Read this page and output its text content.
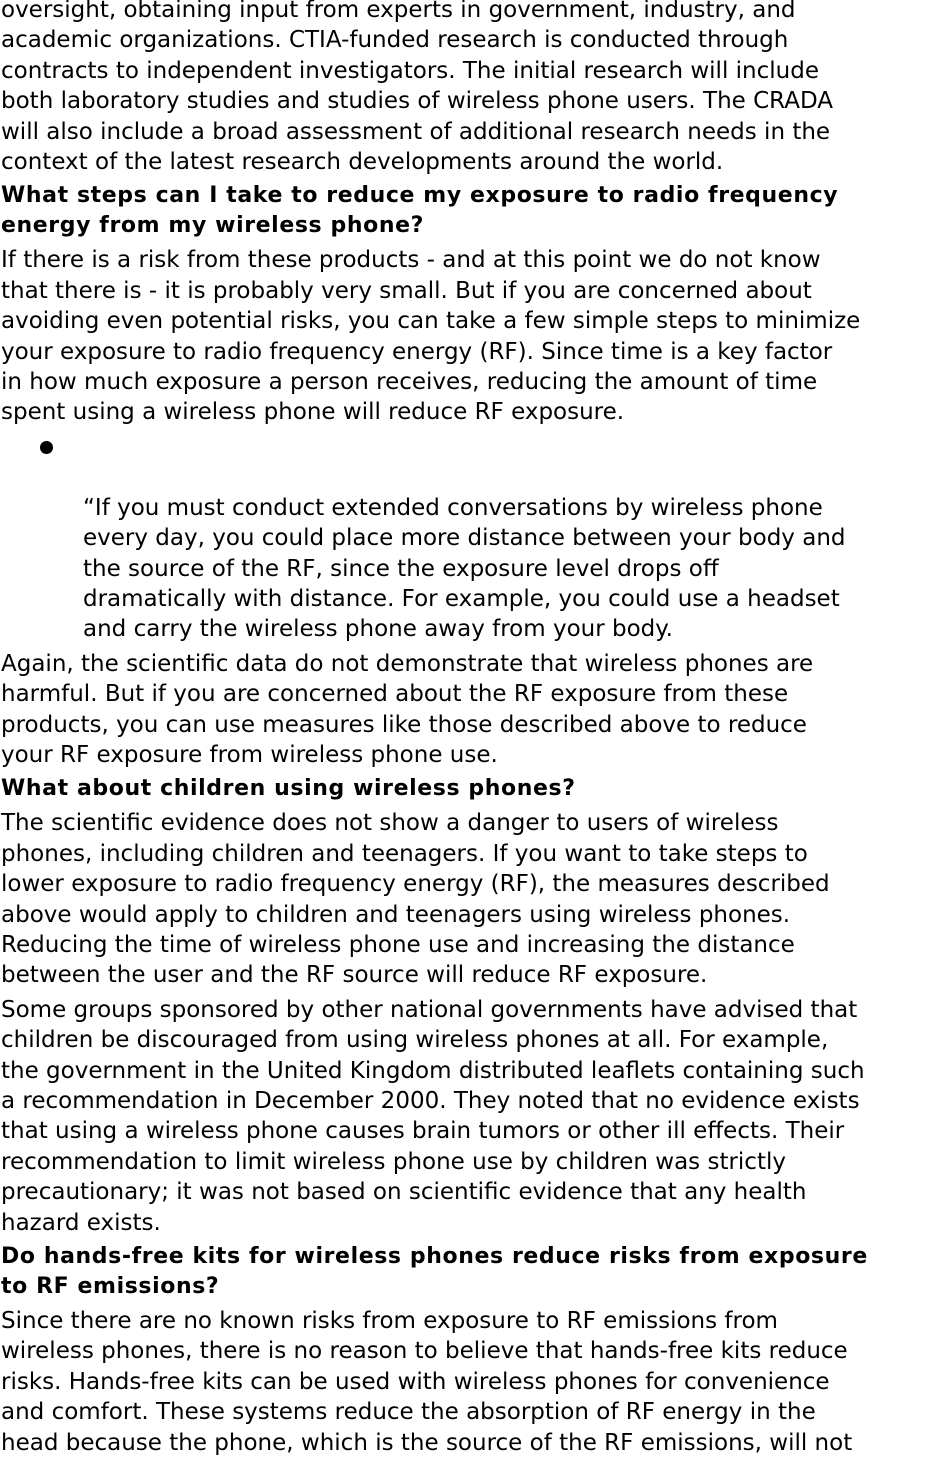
oversight, obtaining input from experts in government, industry, and
academic organizations. CTIA-funded research is conducted through
contracts to independent investigators. The initial research will include
both laboratory studies and studies of wireless phone users. The CRADA
will also include a broad assessment of additional research needs in the
context of the latest research developments around the world.

What steps can I take to reduce my exposure to radio frequency
energy from my wireless phone?

If there is a risk from these products - and at this point we do not know
that there is - it is probably very small. But if you are concerned about
avoiding even potential risks, you can take a few simple steps to minimize
your exposure to radio frequency energy (RF). Since time is a key factor
in how much exposure a person receives, reducing the amount of time
spent using a wireless phone will reduce RF exposure.

“If you must conduct extended conversations by wireless phone
every day, you could place more distance between your body and
the source of the RF, since the exposure level drops off
dramatically with distance. For example, you could use a headset
and carry the wireless phone away from your body.

Again, the scientific data do not demonstrate that wireless phones are
harmful. But if you are concerned about the RF exposure from these
products, you can use measures like those described above to reduce
your RF exposure from wireless phone use.

What about children using wireless phones?

The scientific evidence does not show a danger to users of wireless
phones, including children and teenagers. If you want to take steps to
lower exposure to radio frequency energy (RF), the measures described
above would apply to children and teenagers using wireless phones.
Reducing the time of wireless phone use and increasing the distance
between the user and the RF source will reduce RF exposure.

Some groups sponsored by other national governments have advised that
children be discouraged from using wireless phones at all. For example,
the government in the United Kingdom distributed leaflets containing such
a recommendation in December 2000. They noted that no evidence exists
that using a wireless phone causes brain tumors or other ill effects. Their
recommendation to limit wireless phone use by children was strictly
precautionary; it was not based on scientific evidence that any health
hazard exists.

Do hands-free kits for wireless phones reduce risks from exposure
to RF emissions?

Since there are no known risks from exposure to RF emissions from
wireless phones, there is no reason to believe that hands-free kits reduce
risks. Hands-free kits can be used with wireless phones for convenience
and comfort. These systems reduce the absorption of RF energy in the
head because the phone, which is the source of the RF emissions, will not
